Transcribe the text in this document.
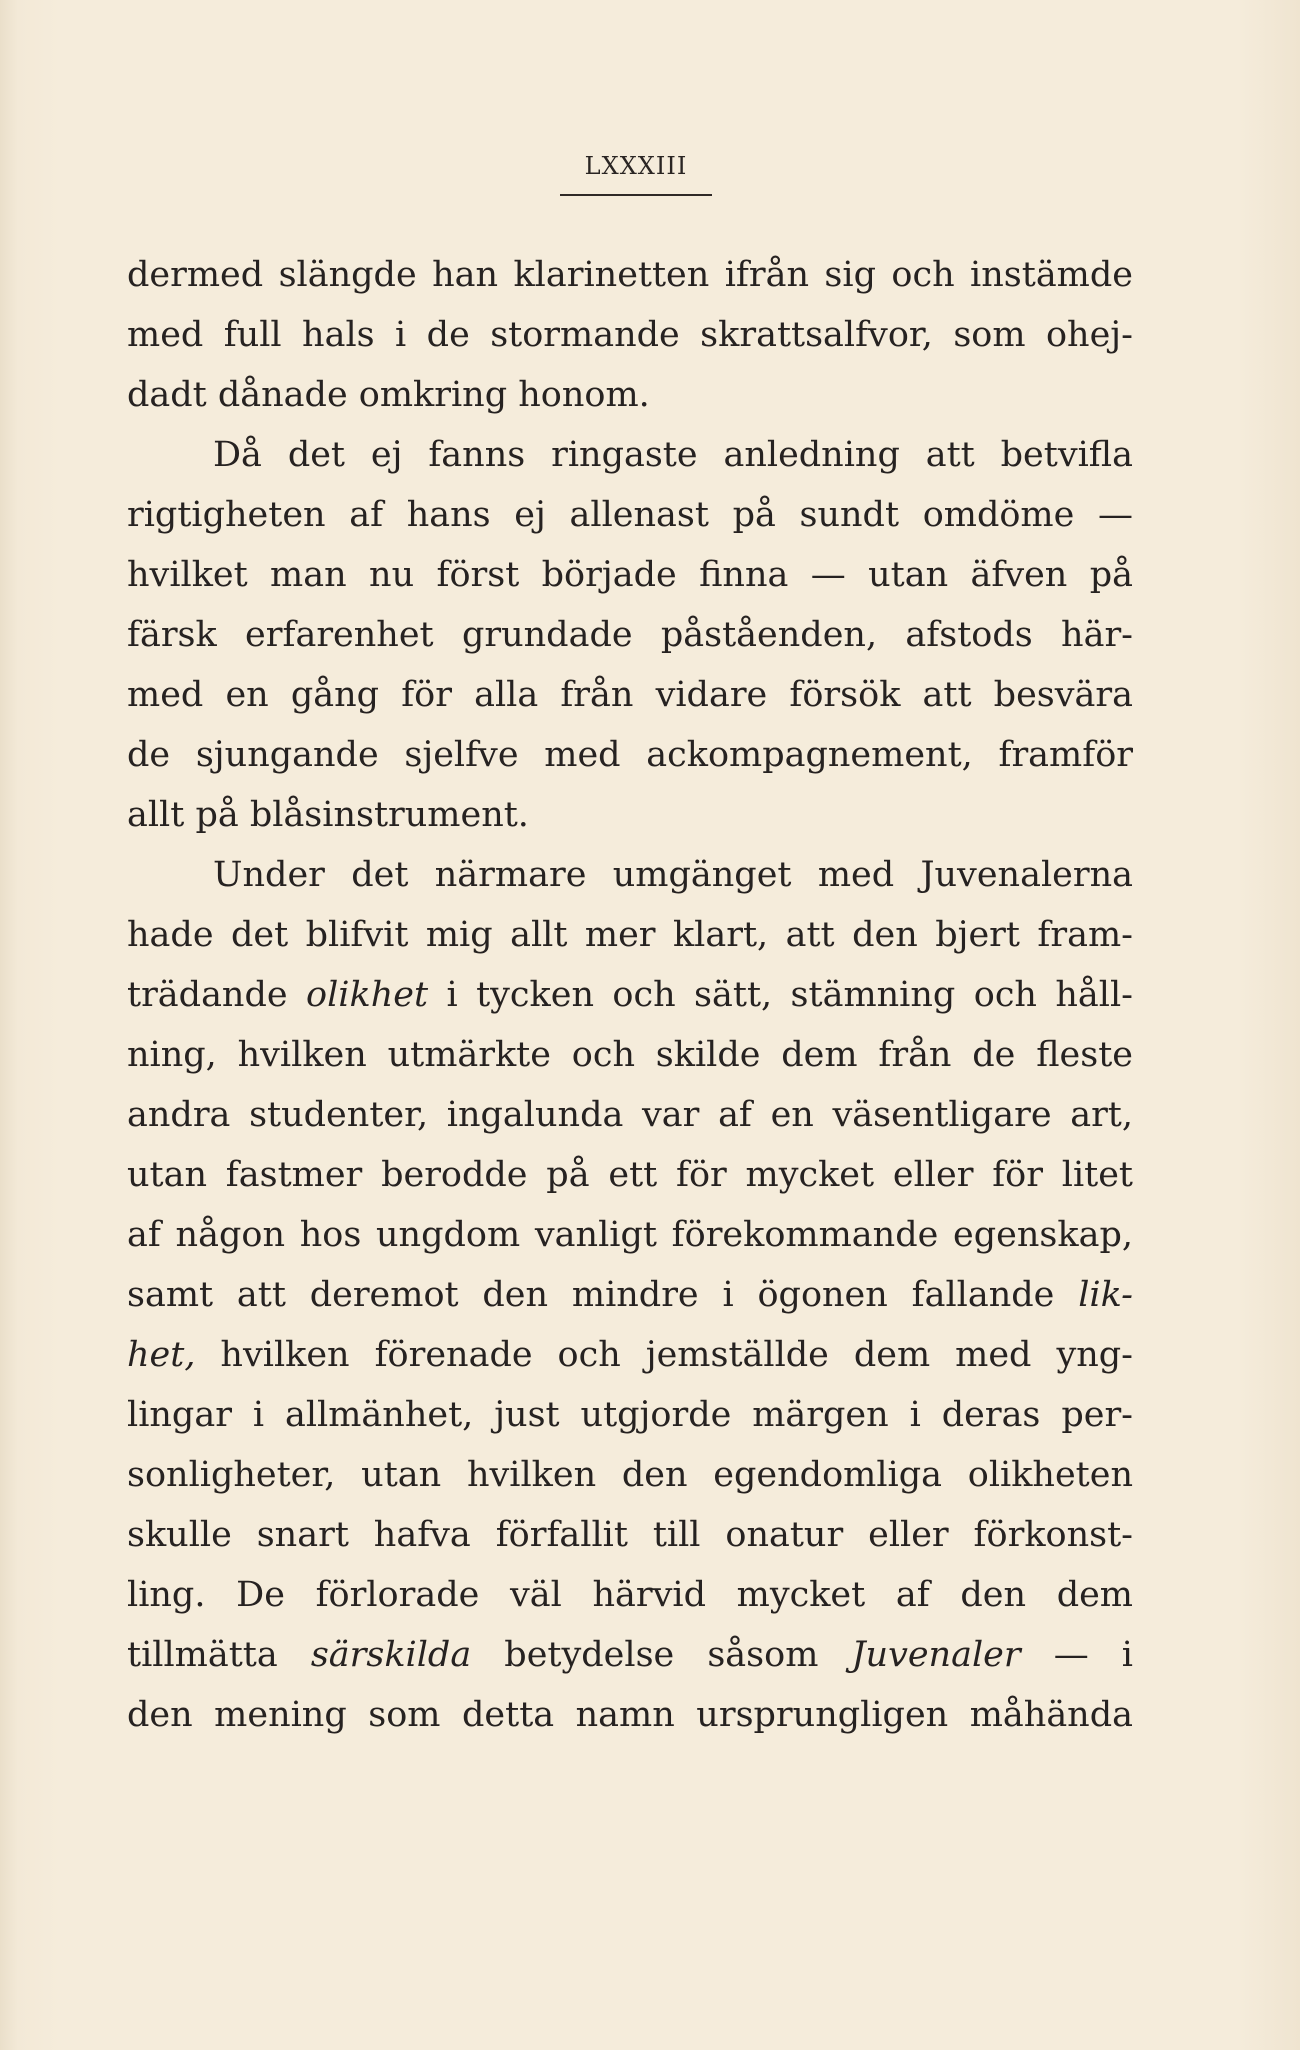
LXXXIII
dermed slängde han klarinetten ifrån sig och instämde
med full hals i de stormande skrattsalfvor, som ohej-
dadt dånade omkring honom.
Då det ej fanns ringaste anledning att betvifla
rigtigheten af hans ej allenast på sundt omdöme —
hvilket man nu först började finna — utan äfven på
färsk erfarenhet grundade påståenden, afstods här-
med en gång för alla från vidare försök att besvära
de sjungande sjelfve med ackompagnement, framför
allt på blåsinstrument.
Under det närmare umgänget med Juvenalerna
hade det blifvit mig allt mer klart, att den bjert fram-
trädande olikhet i tycken och sätt, stämning och håll-
ning, hvilken utmärkte och skilde dem från de fleste
andra studenter, ingalunda var af en väsentligare art,
utan fastmer berodde på ett för mycket eller för litet
af någon hos ungdom vanligt förekommande egenskap,
samt att deremot den mindre i ögonen fallande lik-
het, hvilken förenade och jemställde dem med yng-
lingar i allmänhet, just utgjorde märgen i deras per-
sonligheter, utan hvilken den egendomliga olikheten
skulle snart hafva förfallit till onatur eller förkonst-
ling. De förlorade väl härvid mycket af den dem
tillmätta särskilda betydelse såsom Juvenaler — i
den mening som detta namn ursprungligen måhända
